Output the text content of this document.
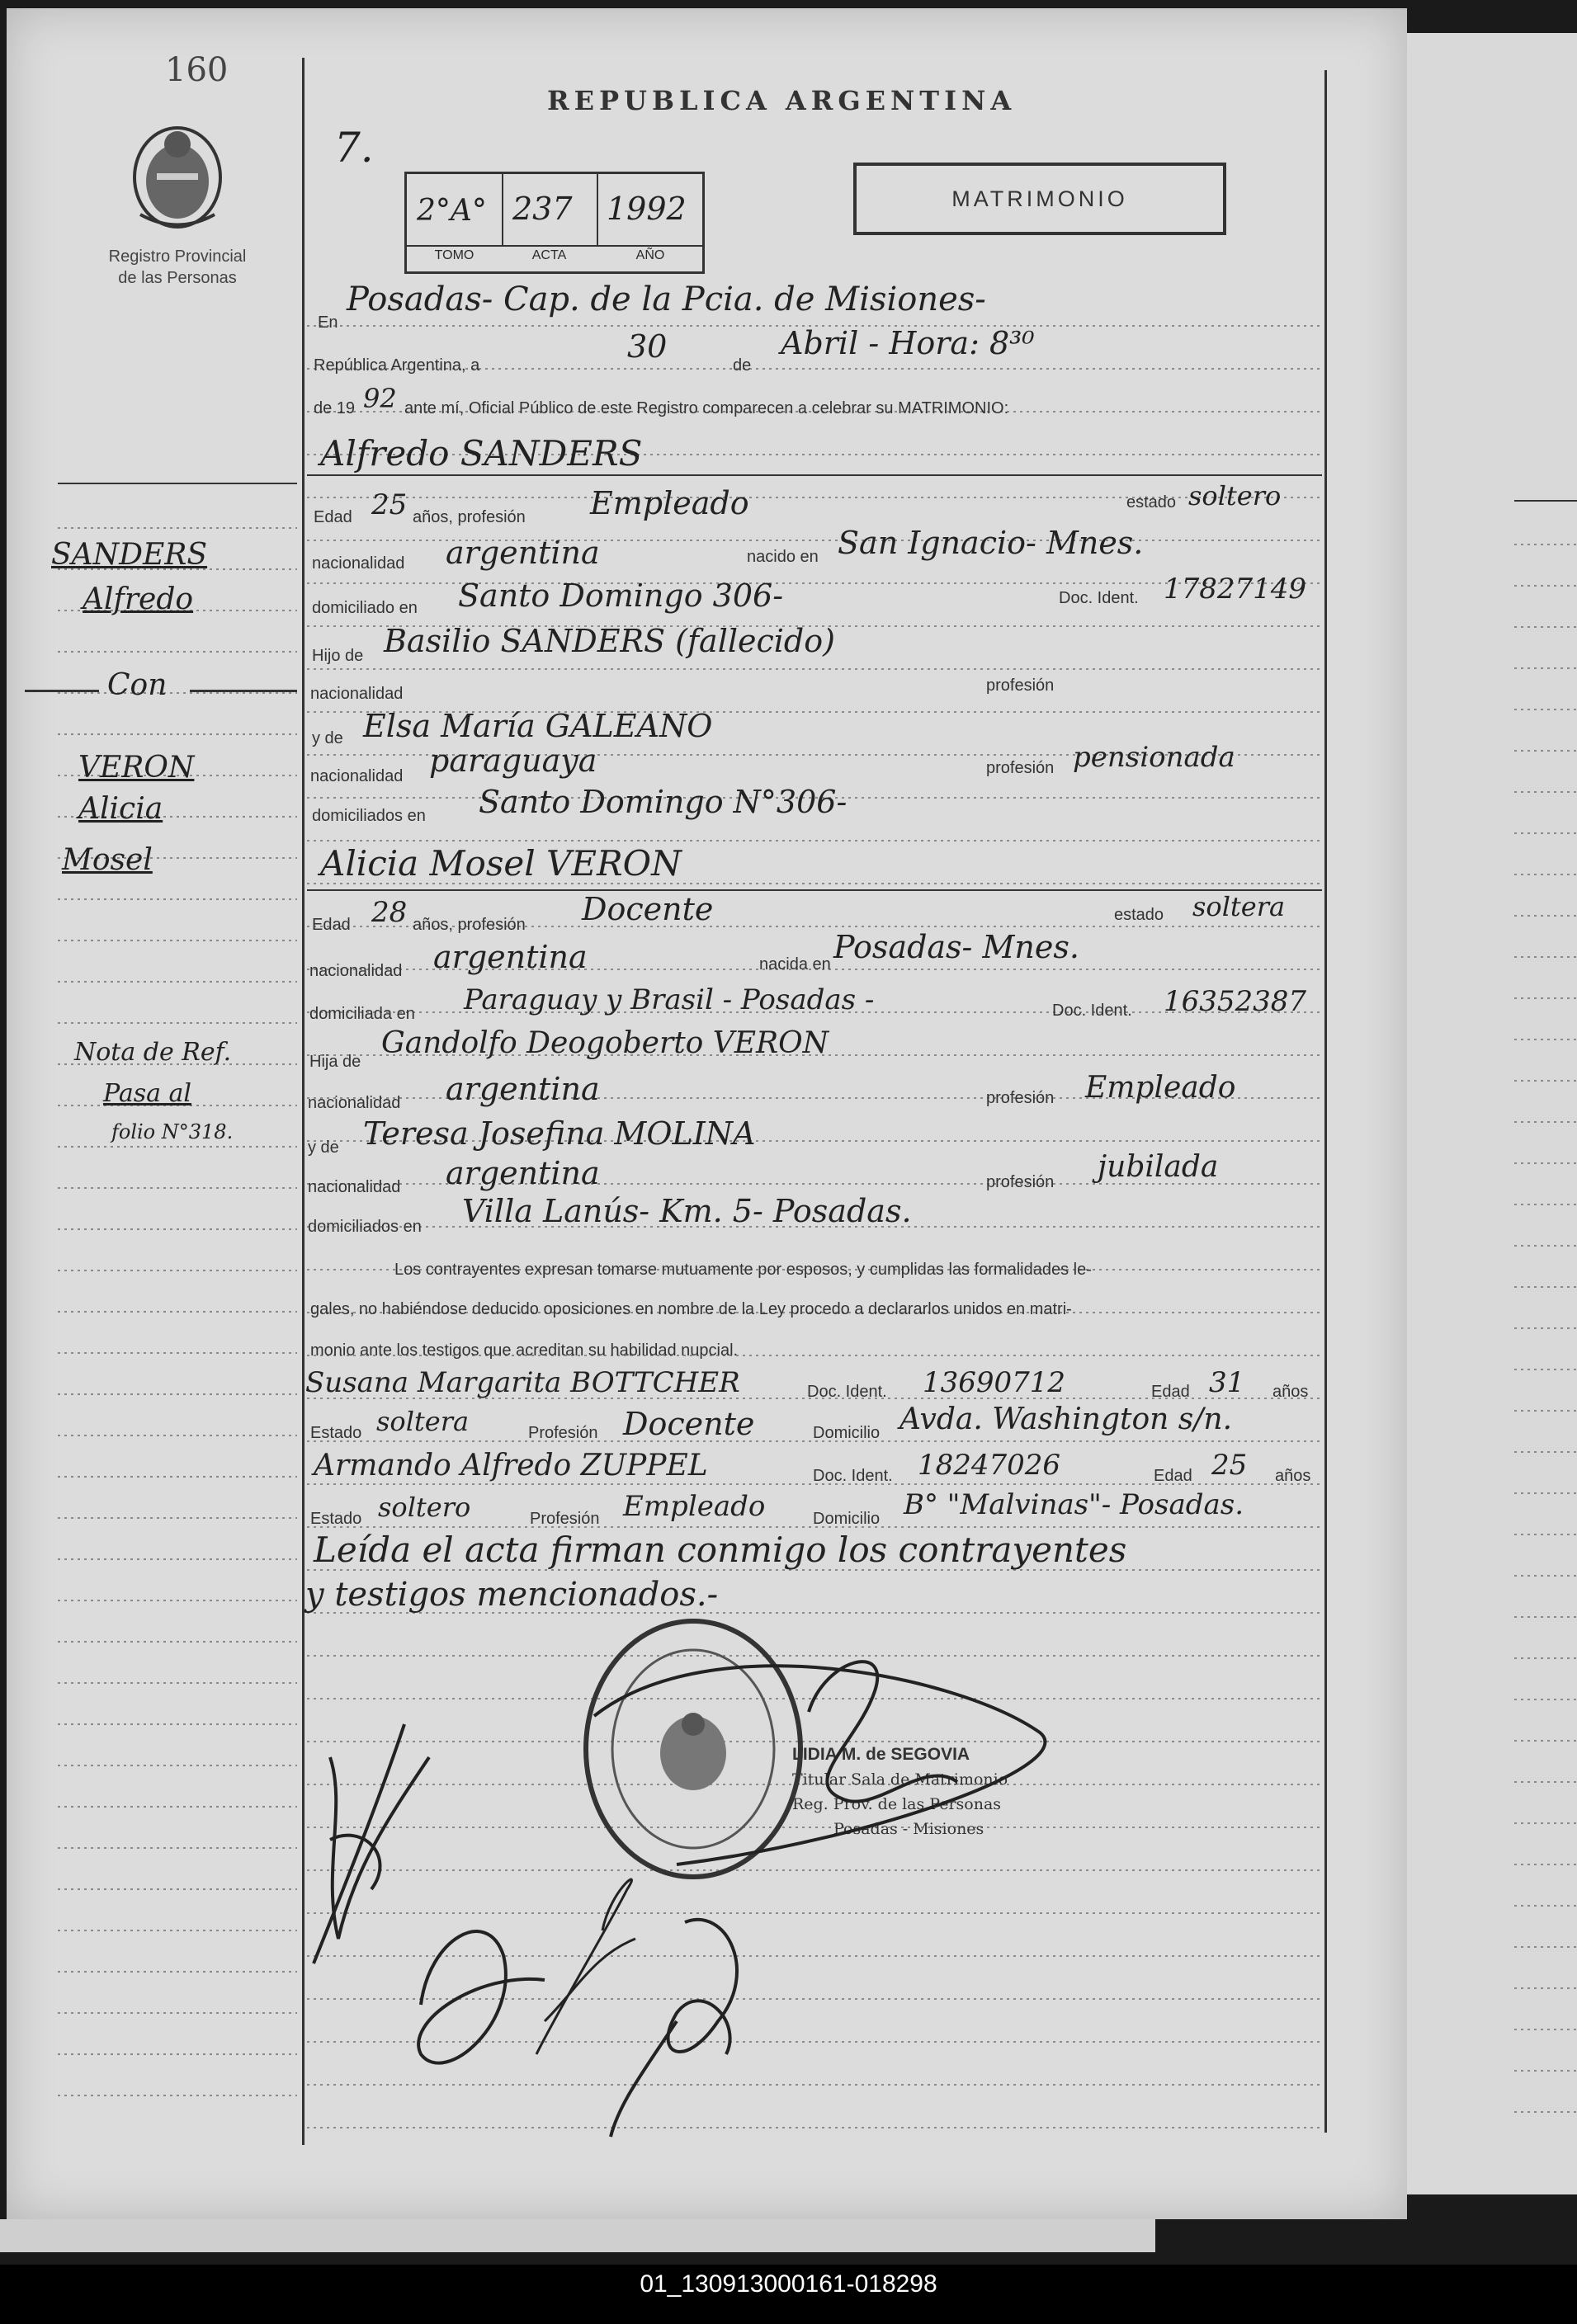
160
Registro Provincial
de las Personas
REPUBLICA ARGENTINA
7.
2°A° 237 1992
TOMO	ACTA	AÑO
MATRIMONIO
SANDERS
Alfredo
Con
VERON
Alicia
Mosel
Nota de Ref.
Pasa al
folio N°318.
En
Posadas- Cap. de la Pcia. de Misiones-
República Argentina, a
30
de
Abril - Hora: 8³⁰
de 19 92 ante mí, Oficial Público de este Registro comparecen a celebrar su MATRIMONIO:
Alfredo SANDERS
Edad 25 años, profesión Empleado	estado soltero
nacionalidad argentina	nacido en San Ignacio- Mnes.
domiciliado en Santo Domingo 306-	Doc. Ident. 17827149
Hijo de Basilio SANDERS (fallecido)
nacionalidad	profesión
y de Elsa María GALEANO
nacionalidad paraguaya	profesión pensionada
domiciliados en Santo Domingo N°306-
Alicia Mosel VERON
Edad 28 años, profesión Docente	estado soltera
nacionalidad argentina	nacida en Posadas- Mnes.
domiciliada en Paraguay y Brasil - Posadas -	Doc. Ident. 16352387
Hija de
Gandolfo Deogoberto VERON
nacionalidad argentina	profesión Empleado
y de Teresa Josefina MOLINA
nacionalidad argentina	profesión jubilada
domiciliados en Villa Lanús- Km. 5- Posadas.
Los contrayentes expresan tomarse mutuamente por esposos, y cumplidas las formalidades le-
gales, no habiéndose deducido oposiciones en nombre de la Ley procedo a declararlos unidos en matri-
monio ante los testigos que acreditan su habilidad nupcial.
Susana Margarita BOTTCHER	Doc. Ident. 13690712	Edad 31 años
Estado soltera	Profesión Docente	Domicilio Avda. Washington s/n.
Armando Alfredo ZUPPEL	Doc. Ident. 18247026	Edad 25 años
Estado soltero	Profesión Empleado	Domicilio B° "Malvinas"- Posadas.
Leída el acta firman conmigo los contrayentes
y testigos mencionados.-
LIDIA M. de SEGOVIA
Titular Sala de Matrimonio
Reg. Prov. de las Personas
Posadas - Misiones
01_130913000161-018298
